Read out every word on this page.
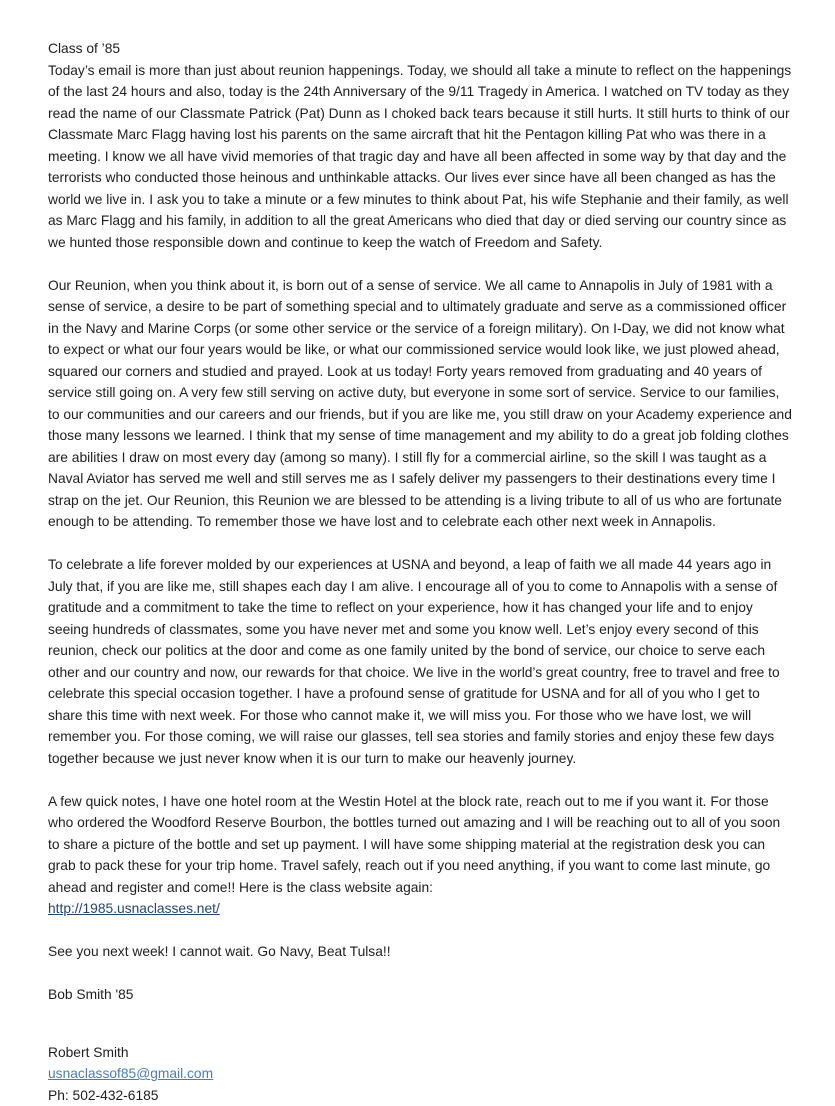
Class of ’85

Today’s email is more than just about reunion happenings. Today, we should all take a minute to reflect on the happenings of the last 24 hours and also, today is the 24th Anniversary of the 9/11 Tragedy in America. I watched on TV today as they read the name of our Classmate Patrick (Pat) Dunn as I choked back tears because it still hurts. It still hurts to think of our Classmate Marc Flagg having lost his parents on the same aircraft that hit the Pentagon killing Pat who was there in a meeting. I know we all have vivid memories of that tragic day and have all been affected in some way by that day and the terrorists who conducted those heinous and unthinkable attacks. Our lives ever since have all been changed as has the world we live in. I ask you to take a minute or a few minutes to think about Pat, his wife Stephanie and their family, as well as Marc Flagg and his family, in addition to all the great Americans who died that day or died serving our country since as we hunted those responsible down and continue to keep the watch of Freedom and Safety.

Our Reunion, when you think about it, is born out of a sense of service. We all came to Annapolis in July of 1981 with a sense of service, a desire to be part of something special and to ultimately graduate and serve as a commissioned officer in the Navy and Marine Corps (or some other service or the service of a foreign military). On I-Day, we did not know what to expect or what our four years would be like, or what our commissioned service would look like, we just plowed ahead, squared our corners and studied and prayed. Look at us today! Forty years removed from graduating and 40 years of service still going on. A very few still serving on active duty, but everyone in some sort of service. Service to our families, to our communities and our careers and our friends, but if you are like me, you still draw on your Academy experience and those many lessons we learned. I think that my sense of time management and my ability to do a great job folding clothes are abilities I draw on most every day (among so many). I still fly for a commercial airline, so the skill I was taught as a Naval Aviator has served me well and still serves me as I safely deliver my passengers to their destinations every time I strap on the jet. Our Reunion, this Reunion we are blessed to be attending is a living tribute to all of us who are fortunate enough to be attending. To remember those we have lost and to celebrate each other next week in Annapolis.

To celebrate a life forever molded by our experiences at USNA and beyond, a leap of faith we all made 44 years ago in July that, if you are like me, still shapes each day I am alive. I encourage all of you to come to Annapolis with a sense of gratitude and a commitment to take the time to reflect on your experience, how it has changed your life and to enjoy seeing hundreds of classmates, some you have never met and some you know well. Let’s enjoy every second of this reunion, check our politics at the door and come as one family united by the bond of service, our choice to serve each other and our country and now, our rewards for that choice. We live in the world’s great country, free to travel and free to celebrate this special occasion together. I have a profound sense of gratitude for USNA and for all of you who I get to share this time with next week. For those who cannot make it, we will miss you. For those who we have lost, we will remember you. For those coming, we will raise our glasses, tell sea stories and family stories and enjoy these few days together because we just never know when it is our turn to make our heavenly journey.

A few quick notes, I have one hotel room at the Westin Hotel at the block rate, reach out to me if you want it. For those who ordered the Woodford Reserve Bourbon, the bottles turned out amazing and I will be reaching out to all of you soon to share a picture of the bottle and set up payment. I will have some shipping material at the registration desk you can grab to pack these for your trip home. Travel safely, reach out if you need anything, if you want to come last minute, go ahead and register and come!! Here is the class website again:

http://1985.usnaclasses.net/
See you next week! I cannot wait. Go Navy, Beat Tulsa!!
Bob Smith '85
Robert Smith
usnaclassof85@gmail.com
Ph: 502-432-6185
